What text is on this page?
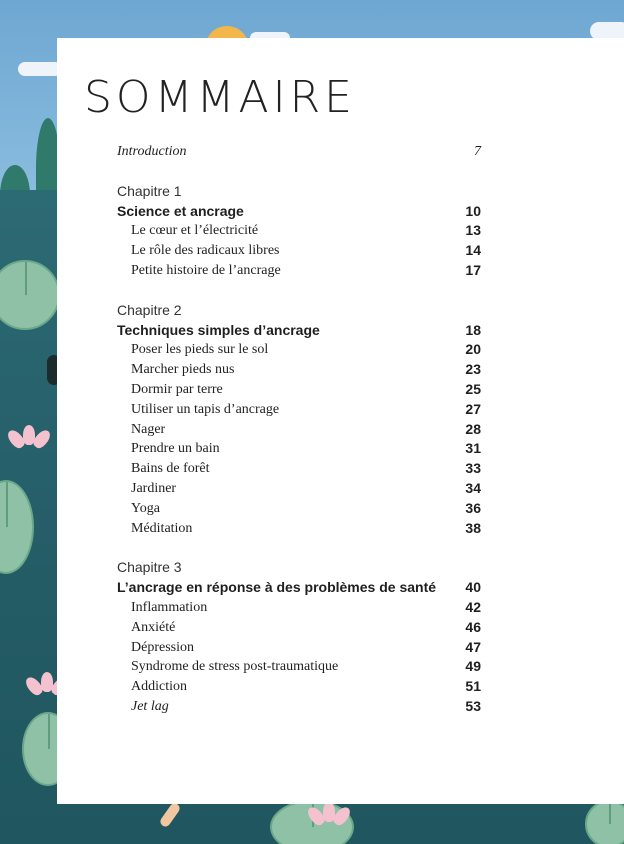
SOMMAIRE
Introduction	7
Chapitre 1
Science et ancrage	10
Le cœur et l’électricité	13
Le rôle des radicaux libres	14
Petite histoire de l’ancrage	17
Chapitre 2
Techniques simples d’ancrage	18
Poser les pieds sur le sol	20
Marcher pieds nus	23
Dormir par terre	25
Utiliser un tapis d’ancrage	27
Nager	28
Prendre un bain	31
Bains de forêt	33
Jardiner	34
Yoga	36
Méditation	38
Chapitre 3
L’ancrage en réponse à des problèmes de santé 40
Inflammation	42
Anxiété	46
Dépression	47
Syndrome de stress post-traumatique	49
Addiction	51
Jet lag	53
